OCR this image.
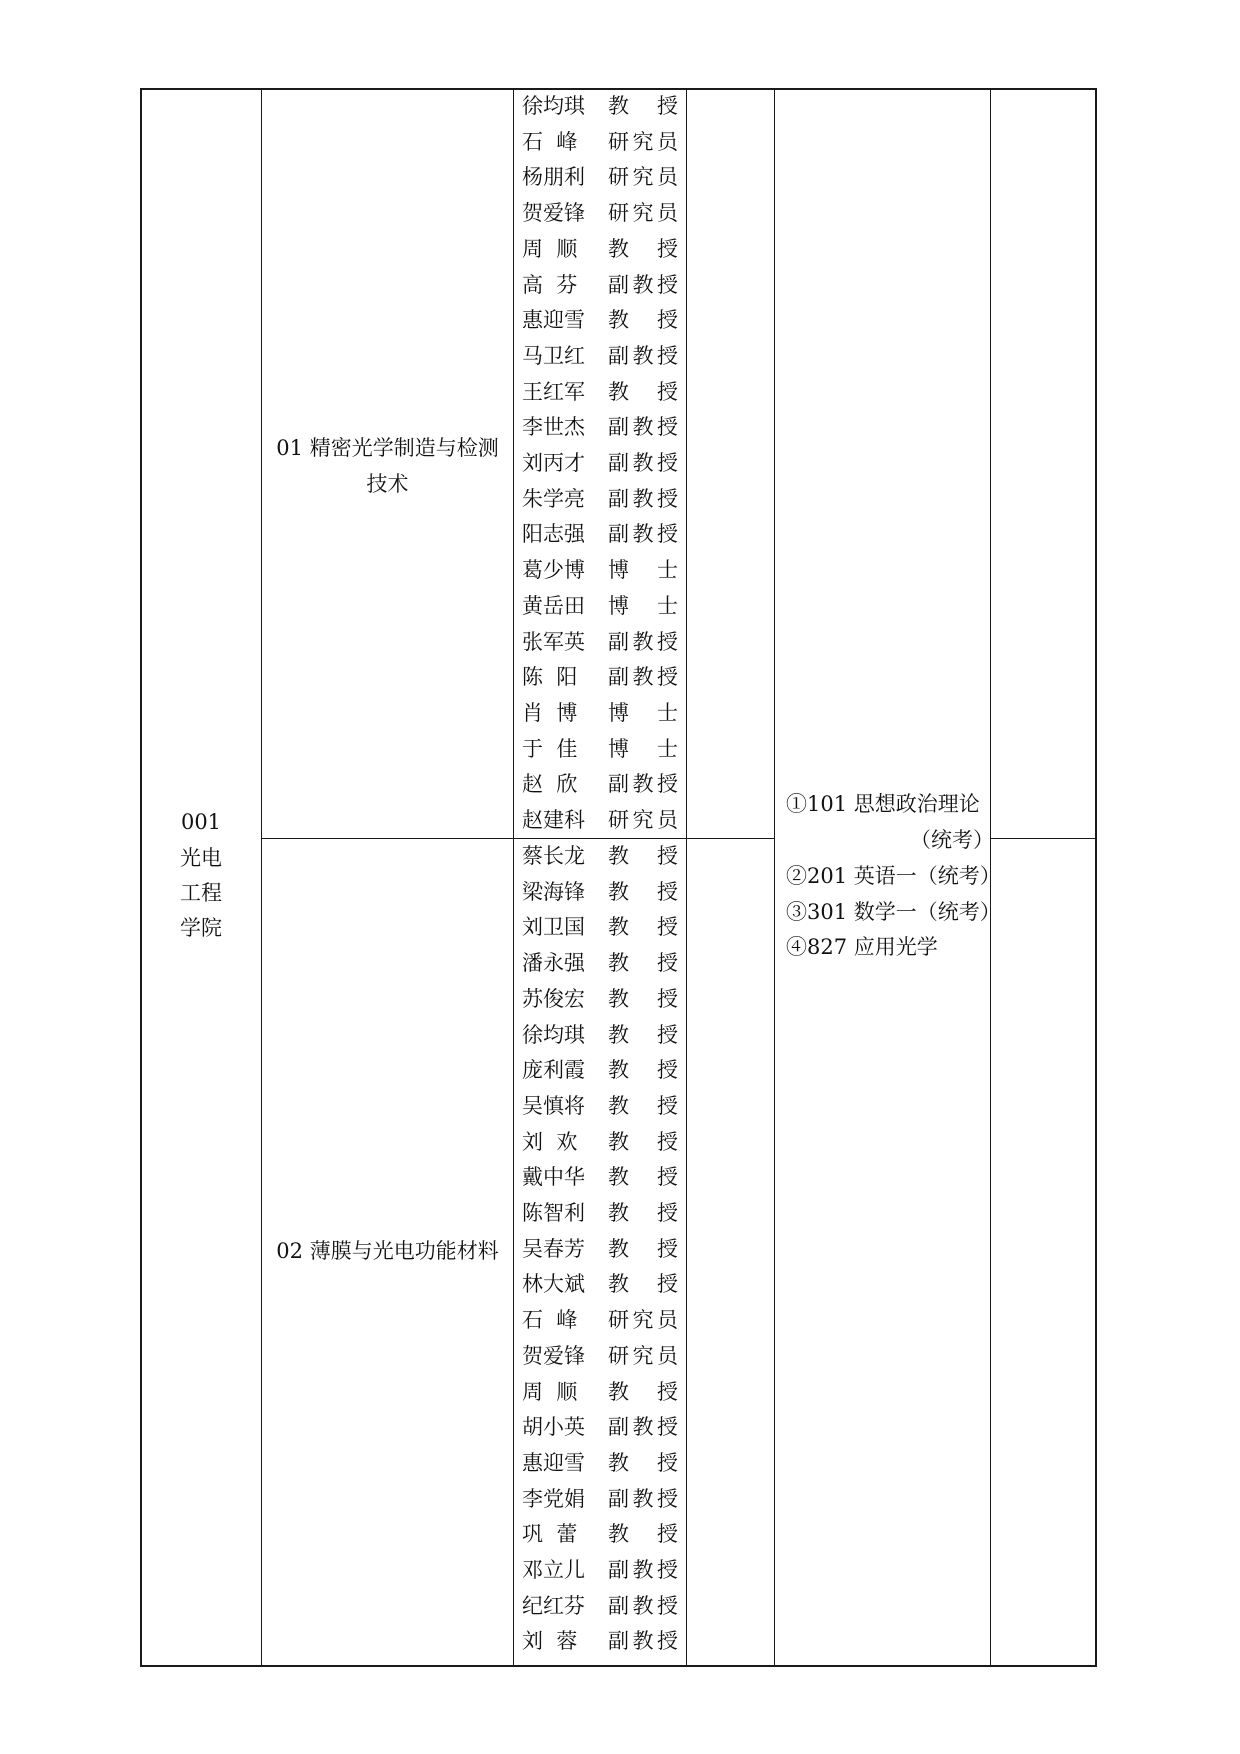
001
光电
工程
学院
01 精密光学制造与检测
技术
02 薄膜与光电功能材料
徐均琪 教 授
石  峰 研究员
杨朋利 研究员
贺爱锋 研究员
周  顺 教 授
高  芬 副教授
惠迎雪 教 授
马卫红 副教授
王红军 教 授
李世杰 副教授
刘丙才 副教授
朱学亮 副教授
阳志强 副教授
葛少博 博 士
黄岳田 博 士
张军英 副教授
陈  阳 副教授
肖  博 博 士
于  佳 博 士
赵  欣 副教授
赵建科 研究员
蔡长龙 教 授
梁海锋 教 授
刘卫国 教 授
潘永强 教 授
苏俊宏 教 授
徐均琪 教 授
庞利霞 教 授
吴慎将 教 授
刘  欢 教 授
戴中华 教 授
陈智利 教 授
吴春芳 教 授
林大斌 教 授
石  峰 研究员
贺爱锋 研究员
周  顺 教 授
胡小英 副教授
惠迎雪 教 授
李党娟 副教授
巩  蕾 教 授
邓立儿 副教授
纪红芬 副教授
刘  蓉 副教授
①101 思想政治理论
（统考）
②201 英语一（统考）
③301 数学一（统考）
④827 应用光学
